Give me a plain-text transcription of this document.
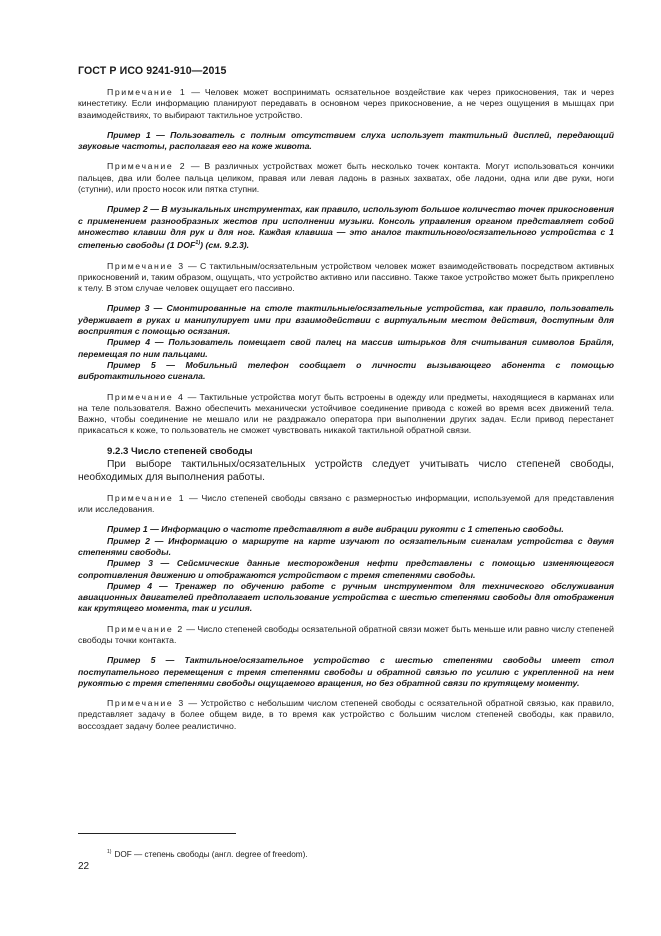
ГОСТ Р ИСО 9241-910—2015

Примечание 1 — Человек может воспринимать осязательное воздействие как через прикосновения, так и через кинестетику. Если информацию планируют передавать в основном через прикосновение, а не через ощущения в мышцах при взаимодействиях, то выбирают тактильное устройство.

Пример 1 — Пользователь с полным отсутствием слуха использует тактильный дисплей, передающий звуковые частоты, располагая его на коже живота.

Примечание 2 — В различных устройствах может быть несколько точек контакта. Могут использоваться кончики пальцев, два или более пальца целиком, правая или левая ладонь в разных захватах, обе ладони, одна или две руки, ноги (ступни), или просто носок или пятка ступни.

Пример 2 — В музыкальных инструментах, как правило, используют большое количество точек прикосновения с применением разнообразных жестов при исполнении музыки. Консоль управления органом представляет собой множество клавиш для рук и для ног. Каждая клавиша — это аналог тактильного/осязательного устройства с 1 степенью свободы (1 DOF$^{1)}$) (см. 9.2.3).

Примечание 3 — С тактильным/осязательным устройством человек может взаимодействовать посредством активных прикосновений и, таким образом, ощущать, что устройство активно или пассивно. Также такое устройство может быть прикреплено к телу. В этом случае человек ощущает его пассивно.

Пример 3 — Смонтированные на столе тактильные/осязательные устройства, как правило, пользователь удерживает в руках и манипулирует ими при взаимодействии с виртуальным местом действия, доступным для восприятия с помощью осязания.

Пример 4 — Пользователь помещает свой палец на массив штырьков для считывания символов Брайля, перемещая по ним пальцами.

Пример 5 — Мобильный телефон сообщает о личности вызывающего абонента с помощью вибротактильного сигнала.

Примечание 4 — Тактильные устройства могут быть встроены в одежду или предметы, находящиеся в карманах или на теле пользователя. Важно обеспечить механически устойчивое соединение привода с кожей во время всех движений тела. Важно, чтобы соединение не мешало или не раздражало оператора при выполнении других задач. Если привод перестанет прикасаться к коже, то пользователь не сможет чувствовать никакой тактильной обратной связи.

9.2.3 Число степеней свободы

При выборе тактильных/осязательных устройств следует учитывать число степеней свободы, необходимых для выполнения работы.

Примечание 1 — Число степеней свободы связано с размерностью информации, используемой для представления или исследования.

Пример 1 — Информацию о частоте представляют в виде вибрации рукояти с 1 степенью свободы.

Пример 2 — Информацию о маршруте на карте изучают по осязательным сигналам устройства с двумя степенями свободы.

Пример 3 — Сейсмические данные месторождения нефти представлены с помощью изменяющегося сопротивления движению и отображаются устройством с тремя степенями свободы.

Пример 4 — Тренажер по обучению работе с ручным инструментом для технического обслуживания авиационных двигателей предполагает использование устройства с шестью степенями свободы для отображения как крутящего момента, так и усилия.

Примечание 2 — Число степеней свободы осязательной обратной связи может быть меньше или равно числу степеней свободы точки контакта.

Пример 5 — Тактильное/осязательное устройство с шестью степенями свободы имеет стол поступательного перемещения с тремя степенями свободы и обратной связью по усилию с укрепленной на нем рукоятью с тремя степенями свободы ощущаемого вращения, но без обратной связи по крутящему моменту.

Примечание 3 — Устройство с небольшим числом степеней свободы с осязательной обратной связью, как правило, представляет задачу в более общем виде, в то время как устройство с большим числом степеней свободы, как правило, воссоздает задачу более реалистично.

$^{1)}$ DOF — степень свободы (англ. degree of freedom).
22
